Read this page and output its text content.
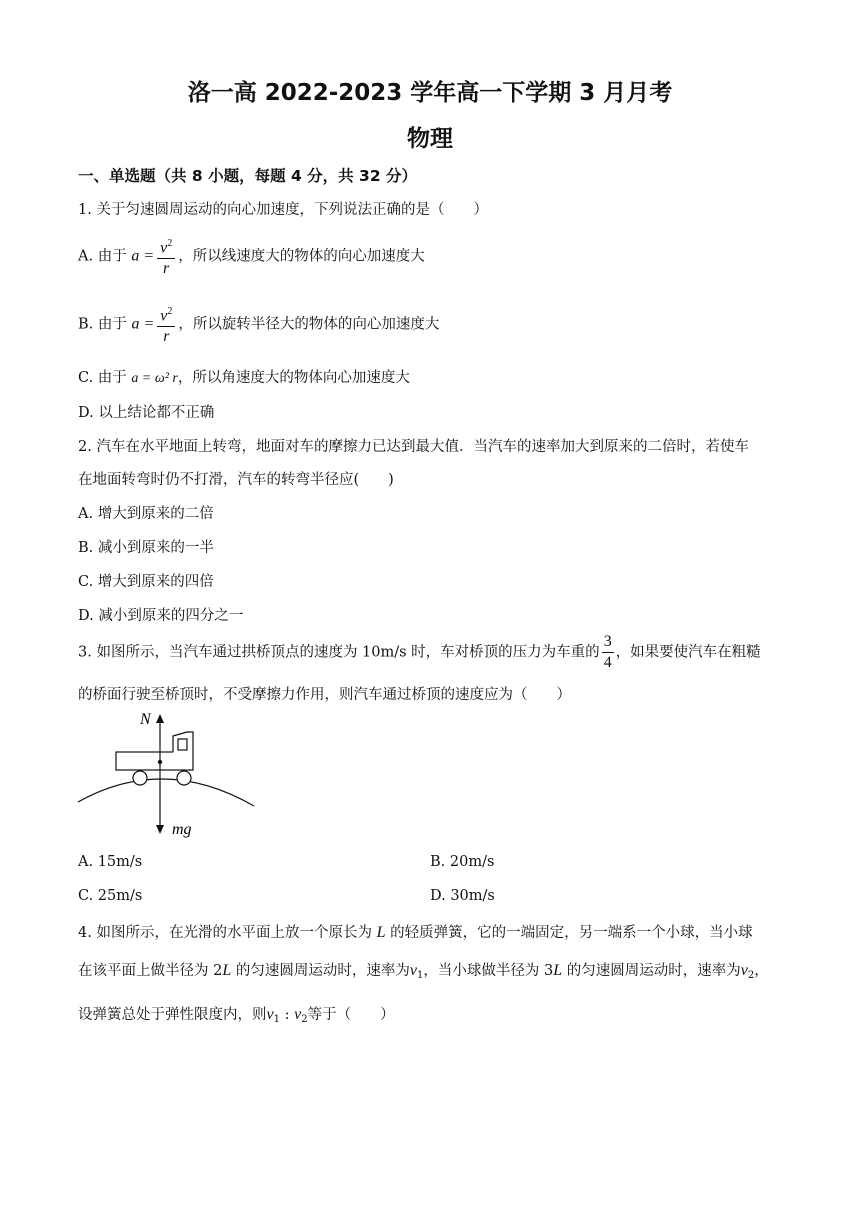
洛一高 2022-2023 学年高一下学期 3 月月考
物理
一、单选题（共 8 小题，每题 4 分，共 32 分）
1. 关于匀速圆周运动的向心加速度，下列说法正确的是（　　）
A. 由于 $a = \frac{v^2}{r}$ ，所以线速度大的物体的向心加速度大
B. 由于 $a = \frac{v^2}{r}$ ，所以旋转半径大的物体的向心加速度大
C. 由于 a = ω² r，所以角速度大的物体向心加速度大
D. 以上结论都不正确
2. 汽车在水平地面上转弯，地面对车的摩擦力已达到最大值．当汽车的速率加大到原来的二倍时，若使车
在地面转弯时仍不打滑，汽车的转弯半径应(　　)
A. 增大到原来的二倍
B. 减小到原来的一半
C. 增大到原来的四倍
D. 减小到原来的四分之一
3. 如图所示，当汽车通过拱桥顶点的速度为 10m/s 时，车对桥顶的压力为车重的 $\frac{3}{4}$ ，如果要使汽车在粗糙
的桥面行驶至桥顶时，不受摩擦力作用，则汽车通过桥顶的速度应为（　　）
N
mg
A. 15m/s	B. 20m/s
C. 25m/s	D. 30m/s
4. 如图所示，在光滑的水平面上放一个原长为 L 的轻质弹簧，它的一端固定，另一端系一个小球，当小球
在该平面上做半径为 2L 的匀速圆周运动时，速率为$v_1$，当小球做半径为 3L 的匀速圆周运动时，速率为$v_2$，
设弹簧总处于弹性限度内，则$v_1$ : $v_2$等于（　　）
